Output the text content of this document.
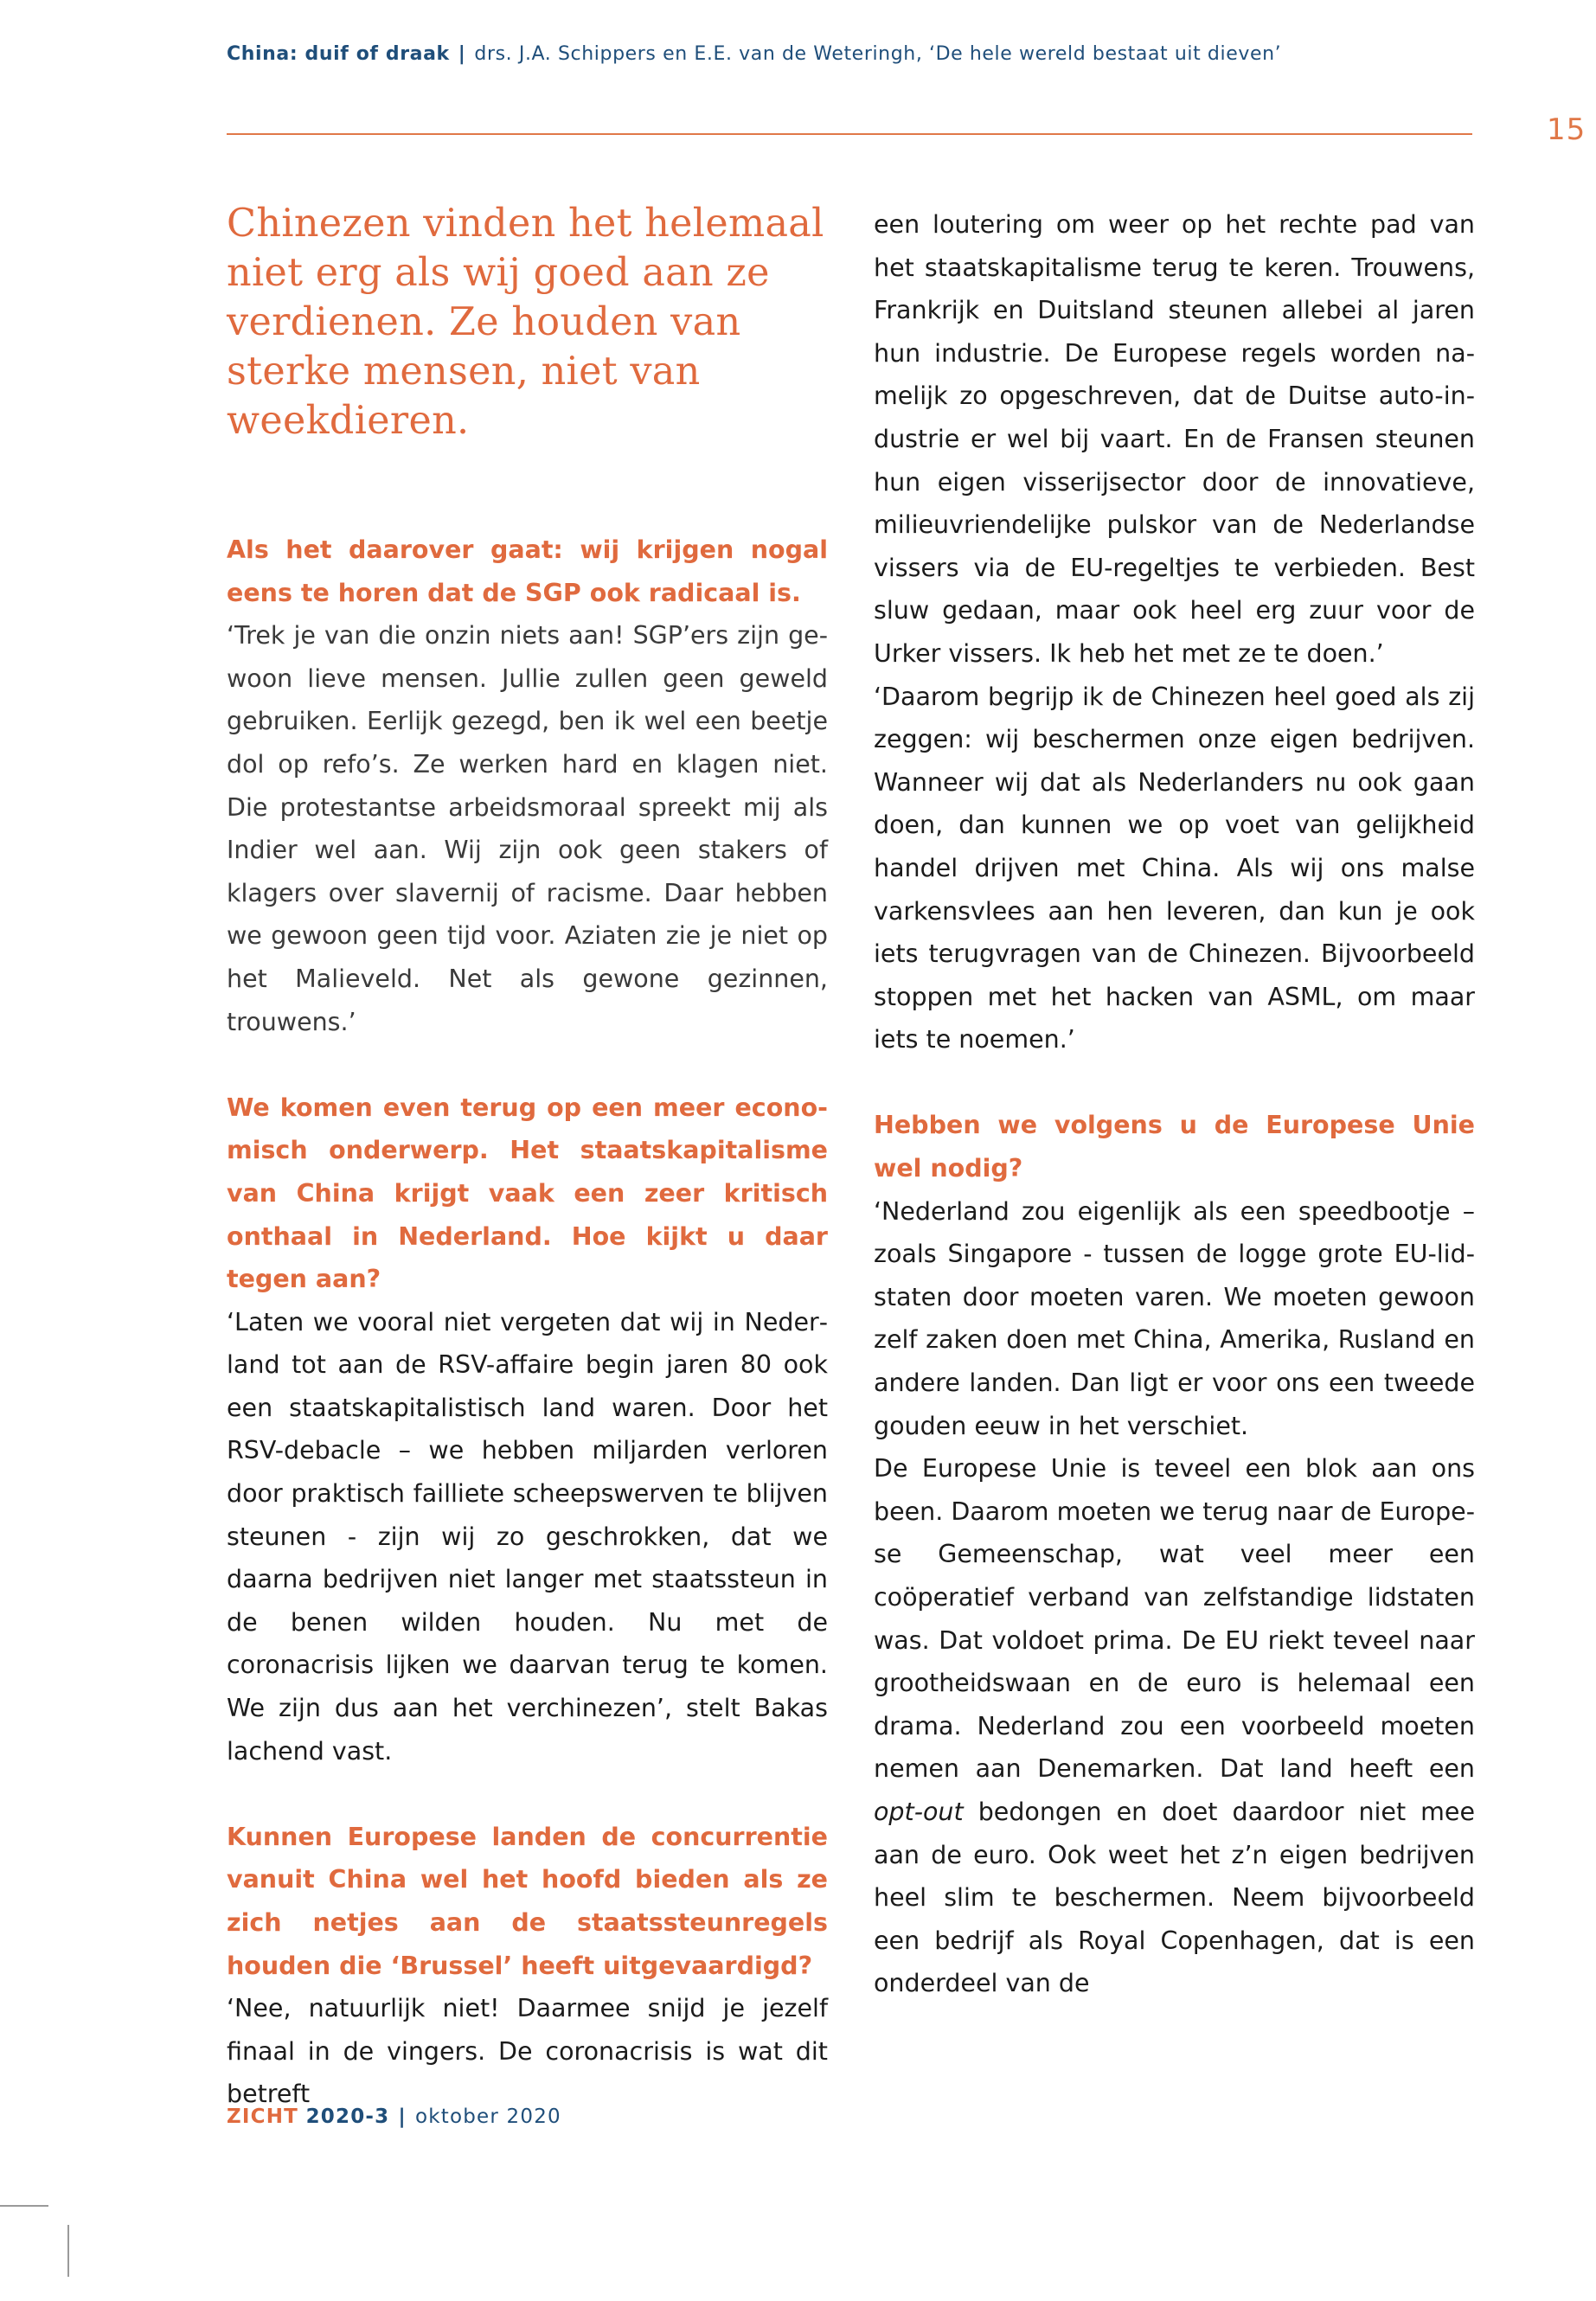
China: duif of draak | drs. J.A. Schippers en E.E. van de Weteringh, ‘De hele wereld bestaat uit dieven’
15
Chinezen vinden het helemaal niet erg als wij goed aan ze verdienen. Ze houden van sterke mensen, niet van weekdieren.

Als het daarover gaat: wij krijgen nogal eens te horen dat de SGP ook radicaal is.

‘Trek je van die onzin niets aan! SGP’ers zijn gewoon lieve mensen. Jullie zullen geen geweld gebruiken. Eerlijk gezegd, ben ik wel een beetje dol op refo’s. Ze werken hard en klagen niet. Die protestantse arbeidsmoraal spreekt mij als Indier wel aan. Wij zijn ook geen stakers of klagers over slavernij of racisme. Daar hebben we gewoon geen tijd voor. Aziaten zie je niet op het Malieveld. Net als gewone gezinnen, trouwens.’

We komen even terug op een meer economisch onderwerp. Het staatskapitalisme van China krijgt vaak een zeer kritisch onthaal in Nederland. Hoe kijkt u daar tegen aan?

‘Laten we vooral niet vergeten dat wij in Nederland tot aan de RSV-affaire begin jaren 80 ook een staatskapitalistisch land waren. Door het RSV-debacle – we hebben miljarden verloren door praktisch failliete scheepswerven te blijven steunen - zijn wij zo geschrokken, dat we daarna bedrijven niet langer met staatssteun in de benen wilden houden. Nu met de coronacrisis lijken we daarvan terug te komen. We zijn dus aan het verchinezen’, stelt Bakas lachend vast.

Kunnen Europese landen de concurrentie vanuit China wel het hoofd bieden als ze zich netjes aan de staatssteunregels houden die ‘Brussel’ heeft uitgevaardigd?

‘Nee, natuurlijk niet! Daarmee snijd je jezelf finaal in de vingers. De coronacrisis is wat dit betreft

een loutering om weer op het rechte pad van het staatskapitalisme terug te keren. Trouwens, Frankrijk en Duitsland steunen allebei al jaren hun industrie. De Europese regels worden namelijk zo opgeschreven, dat de Duitse auto-industrie er wel bij vaart. En de Fransen steunen hun eigen visserijsector door de innovatieve, milieuvriendelijke pulskor van de Nederlandse vissers via de EU-regeltjes te verbieden. Best sluw gedaan, maar ook heel erg zuur voor de Urker vissers. Ik heb het met ze te doen.’

‘Daarom begrijp ik de Chinezen heel goed als zij zeggen: wij beschermen onze eigen bedrijven. Wanneer wij dat als Nederlanders nu ook gaan doen, dan kunnen we op voet van gelijkheid handel drijven met China. Als wij ons malse varkensvlees aan hen leveren, dan kun je ook iets terugvragen van de Chinezen. Bijvoorbeeld stoppen met het hacken van ASML, om maar iets te noemen.’

Hebben we volgens u de Europese Unie wel nodig?

‘Nederland zou eigenlijk als een speedbootje – zoals Singapore - tussen de logge grote EU-lidstaten door moeten varen. We moeten gewoon zelf zaken doen met China, Amerika, Rusland en andere landen. Dan ligt er voor ons een tweede gouden eeuw in het verschiet.

De Europese Unie is teveel een blok aan ons been. Daarom moeten we terug naar de Europese Gemeenschap, wat veel meer een coöperatief verband van zelfstandige lidstaten was. Dat voldoet prima. De EU riekt teveel naar grootheidswaan en de euro is helemaal een drama. Nederland zou een voorbeeld moeten nemen aan Denemarken. Dat land heeft een opt-out bedongen en doet daardoor niet mee aan de euro. Ook weet het z’n eigen bedrijven heel slim te beschermen. Neem bijvoorbeeld een bedrijf als Royal Copenhagen, dat is een onderdeel van de

ZICHT 2020-3 | oktober 2020
